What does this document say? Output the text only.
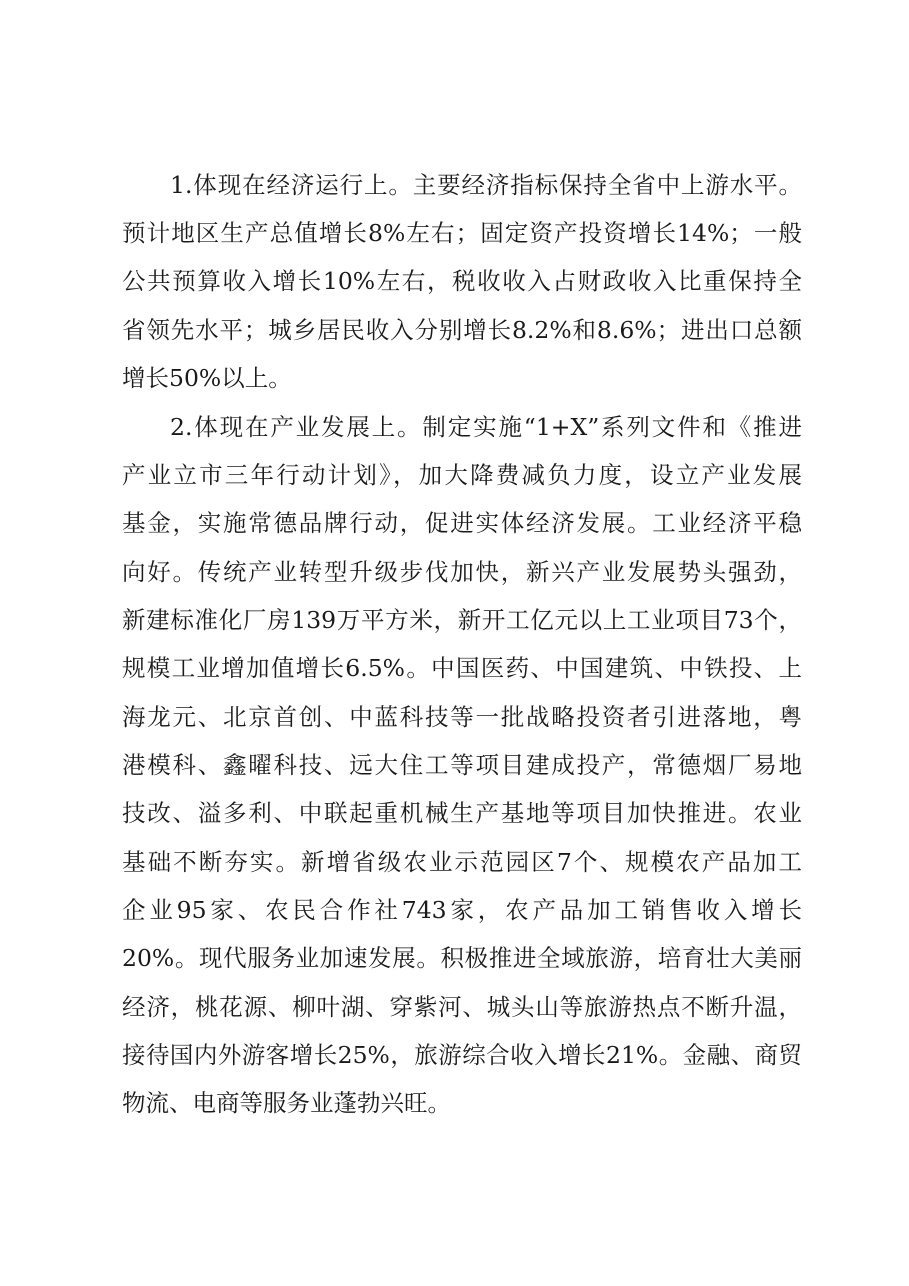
1.体现在经济运行上。主要经济指标保持全省中上游水平。
预计地区生产总值增长8%左右；固定资产投资增长14%；一般
公共预算收入增长10%左右，税收收入占财政收入比重保持全
省领先水平；城乡居民收入分别增长8.2%和8.6%；进出口总额
增长50%以上。
2.体现在产业发展上。制定实施“1+X”系列文件和《推进
产业立市三年行动计划》，加大降费减负力度，设立产业发展
基金，实施常德品牌行动，促进实体经济发展。工业经济平稳
向好。传统产业转型升级步伐加快，新兴产业发展势头强劲，
新建标准化厂房139万平方米，新开工亿元以上工业项目73个，
规模工业增加值增长6.5%。中国医药、中国建筑、中铁投、上
海龙元、北京首创、中蓝科技等一批战略投资者引进落地，粤
港模科、鑫曜科技、远大住工等项目建成投产，常德烟厂易地
技改、溢多利、中联起重机械生产基地等项目加快推进。农业
基础不断夯实。新增省级农业示范园区7个、规模农产品加工
企业95家、农民合作社743家，农产品加工销售收入增长
20%。现代服务业加速发展。积极推进全域旅游，培育壮大美丽
经济，桃花源、柳叶湖、穿紫河、城头山等旅游热点不断升温，
接待国内外游客增长25%，旅游综合收入增长21%。金融、商贸
物流、电商等服务业蓬勃兴旺。
